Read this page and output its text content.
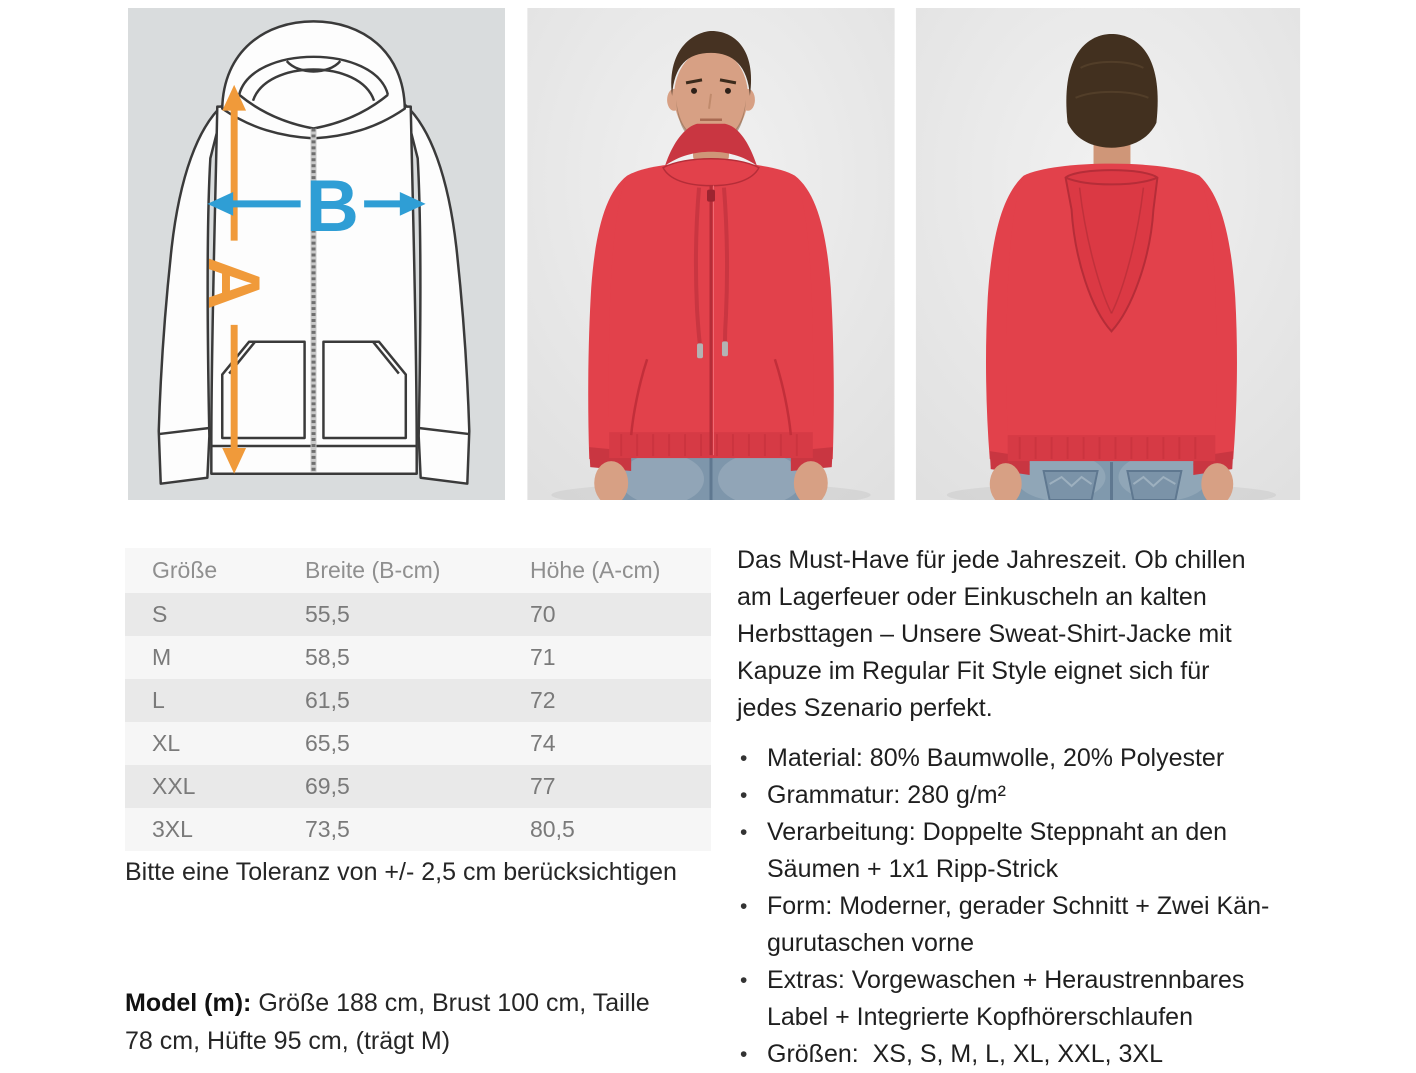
A
B
Größe	Breite (B-cm)	Höhe (A-cm)
S	55,5	70
M	58,5	71
L	61,5	72
XL	65,5	74
XXL	69,5	77
3XL	73,5	80,5

Bitte eine Toleranz von +/- 2,5 cm berücksichtigen

Model (m): Größe 188 cm, Brust 100 cm, Taille
78 cm, Hüfte 95 cm, (trägt M)
Das Must-Have für jede Jahreszeit. Ob chillen
am Lagerfeuer oder Einkuscheln an kalten
Herbsttagen – Unsere Sweat-Shirt-Jacke mit
Kapuze im Regular Fit Style eignet sich für
jedes Szenario perfekt.
• Material: 80% Baumwolle, 20% Polyester
• Grammatur: 280 g/m²
• Verarbeitung: Doppelte Steppnaht an den
Säumen + 1x1 Ripp-Strick
• Form: Moderner, gerader Schnitt + Zwei Kän-
gurutaschen vorne
• Extras: Vorgewaschen + Heraustrennbares
Label + Integrierte Kopfhörerschlaufen
• Größen:  XS, S, M, L, XL, XXL, 3XL
